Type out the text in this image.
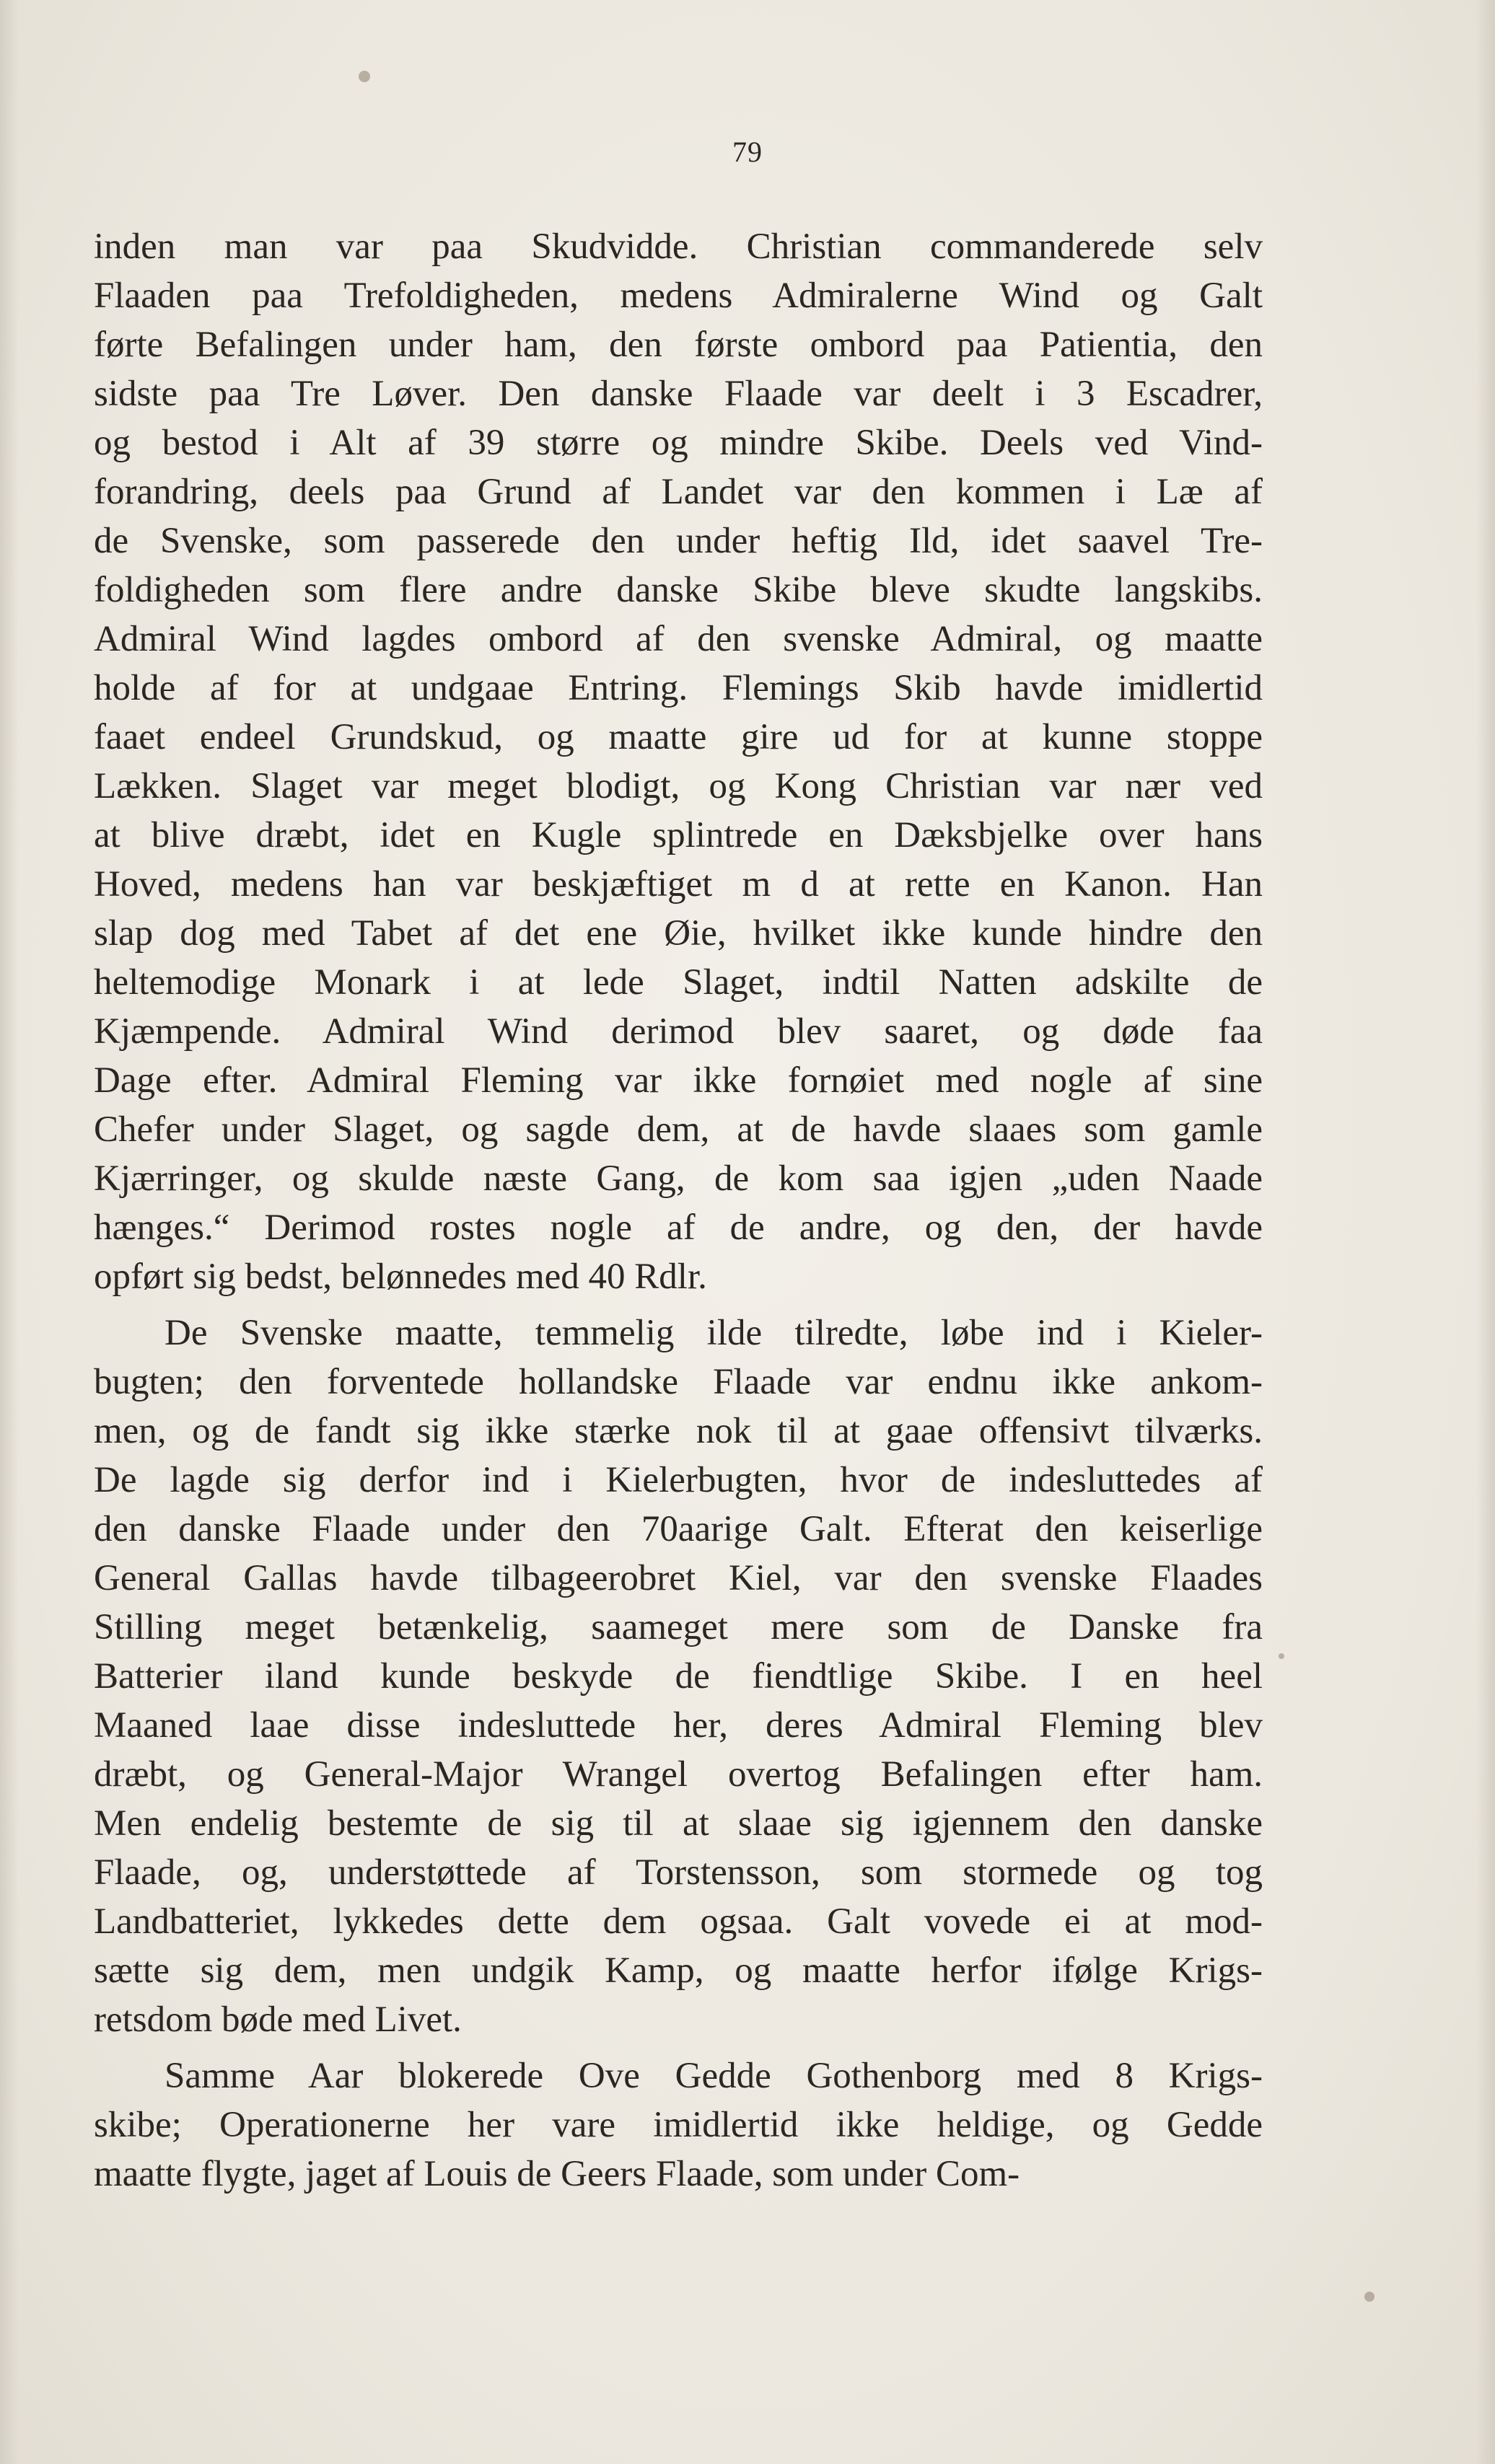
79
inden man var paa Skudvidde. Christian commanderede selv
Flaaden paa Trefoldigheden, medens Admiralerne Wind og Galt
førte Befalingen under ham, den første ombord paa Patientia, den
sidste paa Tre Løver. Den danske Flaade var deelt i 3 Escadrer,
og bestod i Alt af 39 større og mindre Skibe. Deels ved Vind-
forandring, deels paa Grund af Landet var den kommen i Læ af
de Svenske, som passerede den under heftig Ild, idet saavel Tre-
foldigheden som flere andre danske Skibe bleve skudte langskibs.
Admiral Wind lagdes ombord af den svenske Admiral, og maatte
holde af for at undgaae Entring. Flemings Skib havde imidlertid
faaet endeel Grundskud, og maatte gire ud for at kunne stoppe
Lækken. Slaget var meget blodigt, og Kong Christian var nær ved
at blive dræbt, idet en Kugle splintrede en Dæksbjelke over hans
Hoved, medens han var beskjæftiget m d at rette en Kanon. Han
slap dog med Tabet af det ene Øie, hvilket ikke kunde hindre den
heltemodige Monark i at lede Slaget, indtil Natten adskilte de
Kjæmpende. Admiral Wind derimod blev saaret, og døde faa
Dage efter. Admiral Fleming var ikke fornøiet med nogle af sine
Chefer under Slaget, og sagde dem, at de havde slaaes som gamle
Kjærringer, og skulde næste Gang, de kom saa igjen „uden Naade
hænges.“ Derimod rostes nogle af de andre, og den, der havde
opført sig bedst, belønnedes med 40 Rdlr.
De Svenske maatte, temmelig ilde tilredte, løbe ind i Kieler-
bugten; den forventede hollandske Flaade var endnu ikke ankom-
men, og de fandt sig ikke stærke nok til at gaae offensivt tilværks.
De lagde sig derfor ind i Kielerbugten, hvor de indesluttedes af
den danske Flaade under den 70aarige Galt. Efterat den keiserlige
General Gallas havde tilbageerobret Kiel, var den svenske Flaades
Stilling meget betænkelig, saameget mere som de Danske fra
Batterier iland kunde beskyde de fiendtlige Skibe. I en heel
Maaned laae disse indesluttede her, deres Admiral Fleming blev
dræbt, og General-Major Wrangel overtog Befalingen efter ham.
Men endelig bestemte de sig til at slaae sig igjennem den danske
Flaade, og, understøttede af Torstensson, som stormede og tog
Landbatteriet, lykkedes dette dem ogsaa. Galt vovede ei at mod-
sætte sig dem, men undgik Kamp, og maatte herfor ifølge Krigs-
retsdom bøde med Livet.
Samme Aar blokerede Ove Gedde Gothenborg med 8 Krigs-
skibe; Operationerne her vare imidlertid ikke heldige, og Gedde
maatte flygte, jaget af Louis de Geers Flaade, som under Com-
